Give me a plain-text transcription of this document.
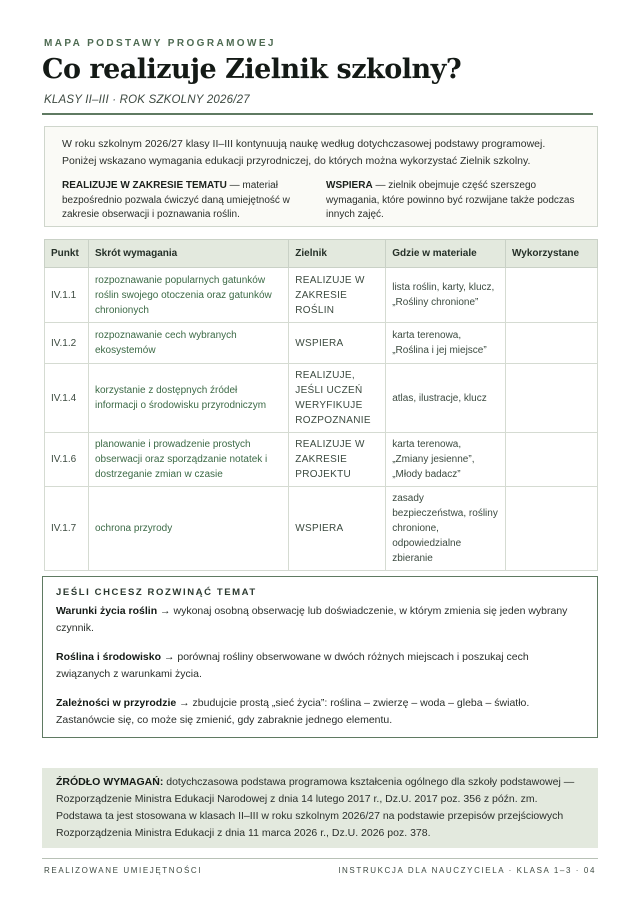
MAPA PODSTAWY PROGRAMOWEJ
Co realizuje Zielnik szkolny?
KLASY II–III · ROK SZKOLNY 2026/27

W roku szkolnym 2026/27 klasy II–III kontynuują naukę według dotychczasowej podstawy programowej. Poniżej wskazano wymagania edukacji przyrodniczej, do których można wykorzystać Zielnik szkolny.

REALIZUJE W ZAKRESIE TEMATU — materiał bezpośrednio pozwala ćwiczyć daną umiejętność w zakresie obserwacji i poznawania roślin.
WSPIERA — zielnik obejmuje część szerszego wymagania, które powinno być rozwijane także podczas innych zajęć.
Punkt	Skrót wymagania	Zielnik	Gdzie w materiale	Wykorzystane
IV.1.1	rozpoznawanie popularnych gatunków roślin swojego otoczenia oraz gatunków chronionych	REALIZUJE W ZAKRESIE ROŚLIN	lista roślin, karty, klucz, „Rośliny chronione”	
IV.1.2	rozpoznawanie cech wybranych ekosystemów	WSPIERA	karta terenowa, „Roślina i jej miejsce”	
IV.1.4	korzystanie z dostępnych źródeł informacji o środowisku przyrodniczym	REALIZUJE, JEŚLI UCZEŃ WERYFIKUJE ROZPOZNANIE	atlas, ilustracje, klucz	
IV.1.6	planowanie i prowadzenie prostych obserwacji oraz sporządzanie notatek i dostrzeganie zmian w czasie	REALIZUJE W ZAKRESIE PROJEKTU	karta terenowa, „Zmiany jesienne”, „Młody badacz”	
IV.1.7	ochrona przyrody	WSPIERA	zasady bezpieczeństwa, rośliny chronione, odpowiedzialne zbieranie	
JEŚLI CHCESZ ROZWINĄĆ TEMAT
Warunki życia roślin → wykonaj osobną obserwację lub doświadczenie, w którym zmienia się jeden wybrany czynnik.
Roślina i środowisko → porównaj rośliny obserwowane w dwóch różnych miejscach i poszukaj cech związanych z warunkami życia.
Zależności w przyrodzie → zbudujcie prostą „sieć życia”: roślina – zwierzę – woda – gleba – światło. Zastanówcie się, co może się zmienić, gdy zabraknie jednego elementu.

ŹRÓDŁO WYMAGAŃ: dotychczasowa podstawa programowa kształcenia ogólnego dla szkoły podstawowej — Rozporządzenie Ministra Edukacji Narodowej z dnia 14 lutego 2017 r., Dz.U. 2017 poz. 356 z późn. zm. Podstawa ta jest stosowana w klasach II–III w roku szkolnym 2026/27 na podstawie przepisów przejściowych Rozporządzenia Ministra Edukacji z dnia 11 marca 2026 r., Dz.U. 2026 poz. 378.

REALIZOWANE UMIEJĘTNOŚCI	INSTRUKCJA DLA NAUCZYCIELA · KLASA 1–3 · 04
